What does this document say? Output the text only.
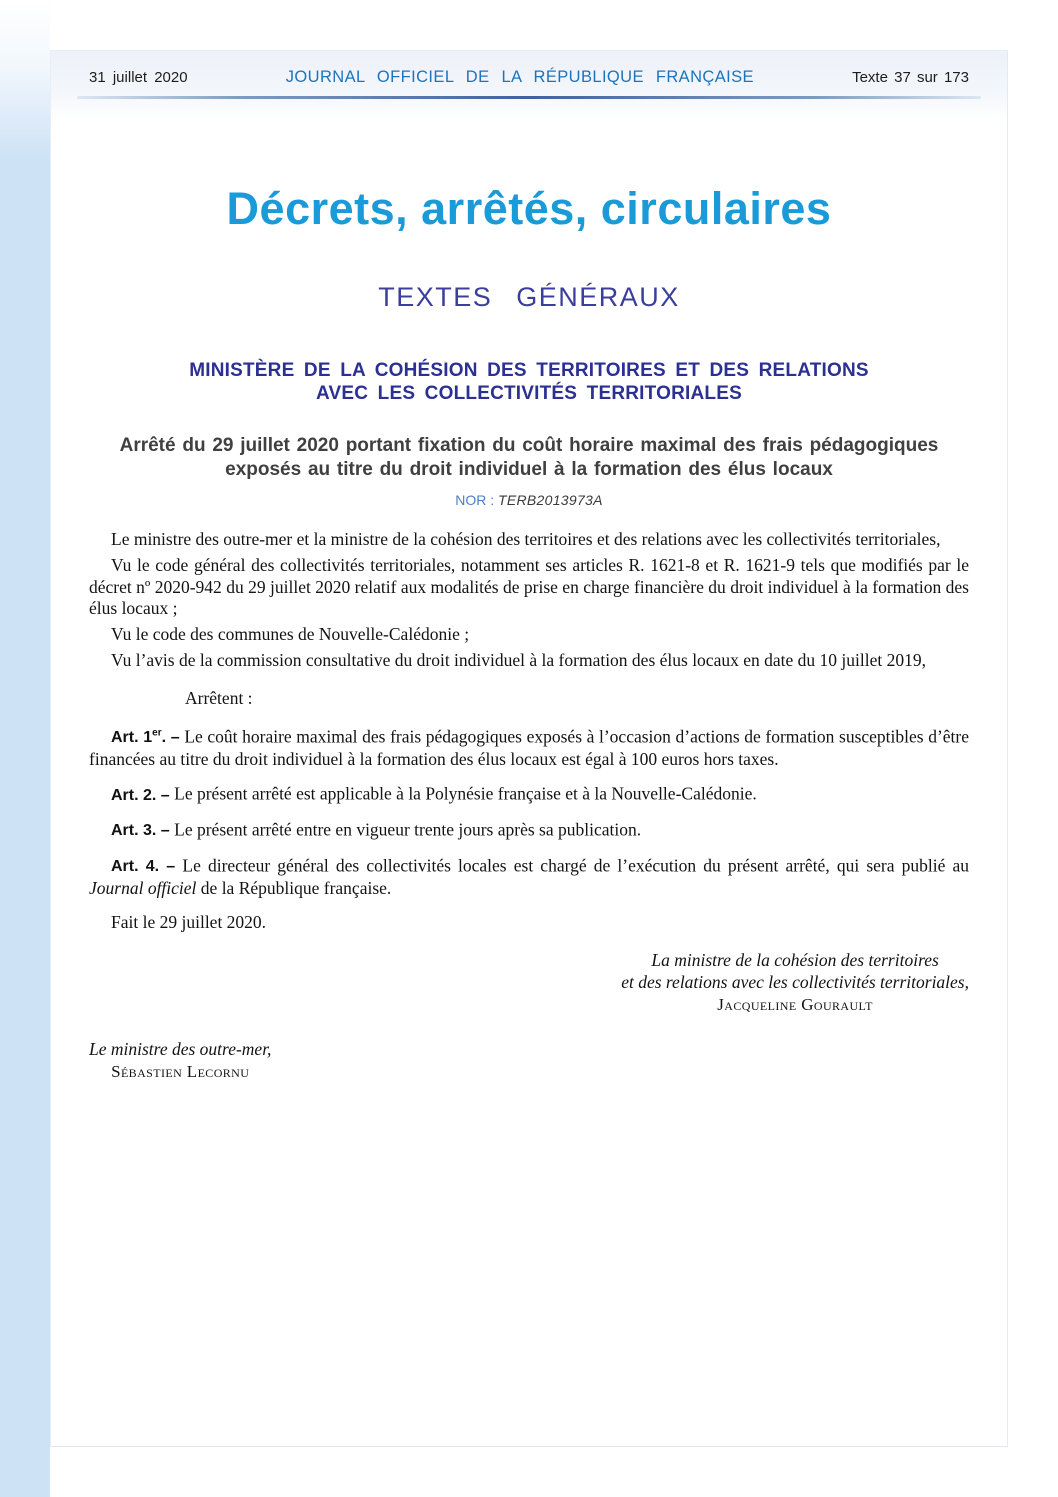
31 juillet 2020	JOURNAL OFFICIEL DE LA RÉPUBLIQUE FRANÇAISE	Texte 37 sur 173
Décrets, arrêtés, circulaires
TEXTES GÉNÉRAUX
MINISTÈRE DE LA COHÉSION DES TERRITOIRES ET DES RELATIONS
AVEC LES COLLECTIVITÉS TERRITORIALES
Arrêté du 29 juillet 2020 portant fixation du coût horaire maximal des frais pédagogiques
exposés au titre du droit individuel à la formation des élus locaux
NOR : TERB2013973A

Le ministre des outre-mer et la ministre de la cohésion des territoires et des relations avec les collectivités territoriales,

Vu le code général des collectivités territoriales, notamment ses articles R. 1621-8 et R. 1621-9 tels que modifiés par le décret nº 2020-942 du 29 juillet 2020 relatif aux modalités de prise en charge financière du droit individuel à la formation des élus locaux ;

Vu le code des communes de Nouvelle-Calédonie ;

Vu l’avis de la commission consultative du droit individuel à la formation des élus locaux en date du 10 juillet 2019,

Arrêtent :

Art. 1er. – Le coût horaire maximal des frais pédagogiques exposés à l’occasion d’actions de formation susceptibles d’être financées au titre du droit individuel à la formation des élus locaux est égal à 100 euros hors taxes.

Art. 2. – Le présent arrêté est applicable à la Polynésie française et à la Nouvelle-Calédonie.

Art. 3. – Le présent arrêté entre en vigueur trente jours après sa publication.

Art. 4. – Le directeur général des collectivités locales est chargé de l’exécution du présent arrêté, qui sera publié au Journal officiel de la République française.

Fait le 29 juillet 2020.

La ministre de la cohésion des territoires
et des relations avec les collectivités territoriales,
Jacqueline Gourault
Le ministre des outre-mer,
Sébastien Lecornu
